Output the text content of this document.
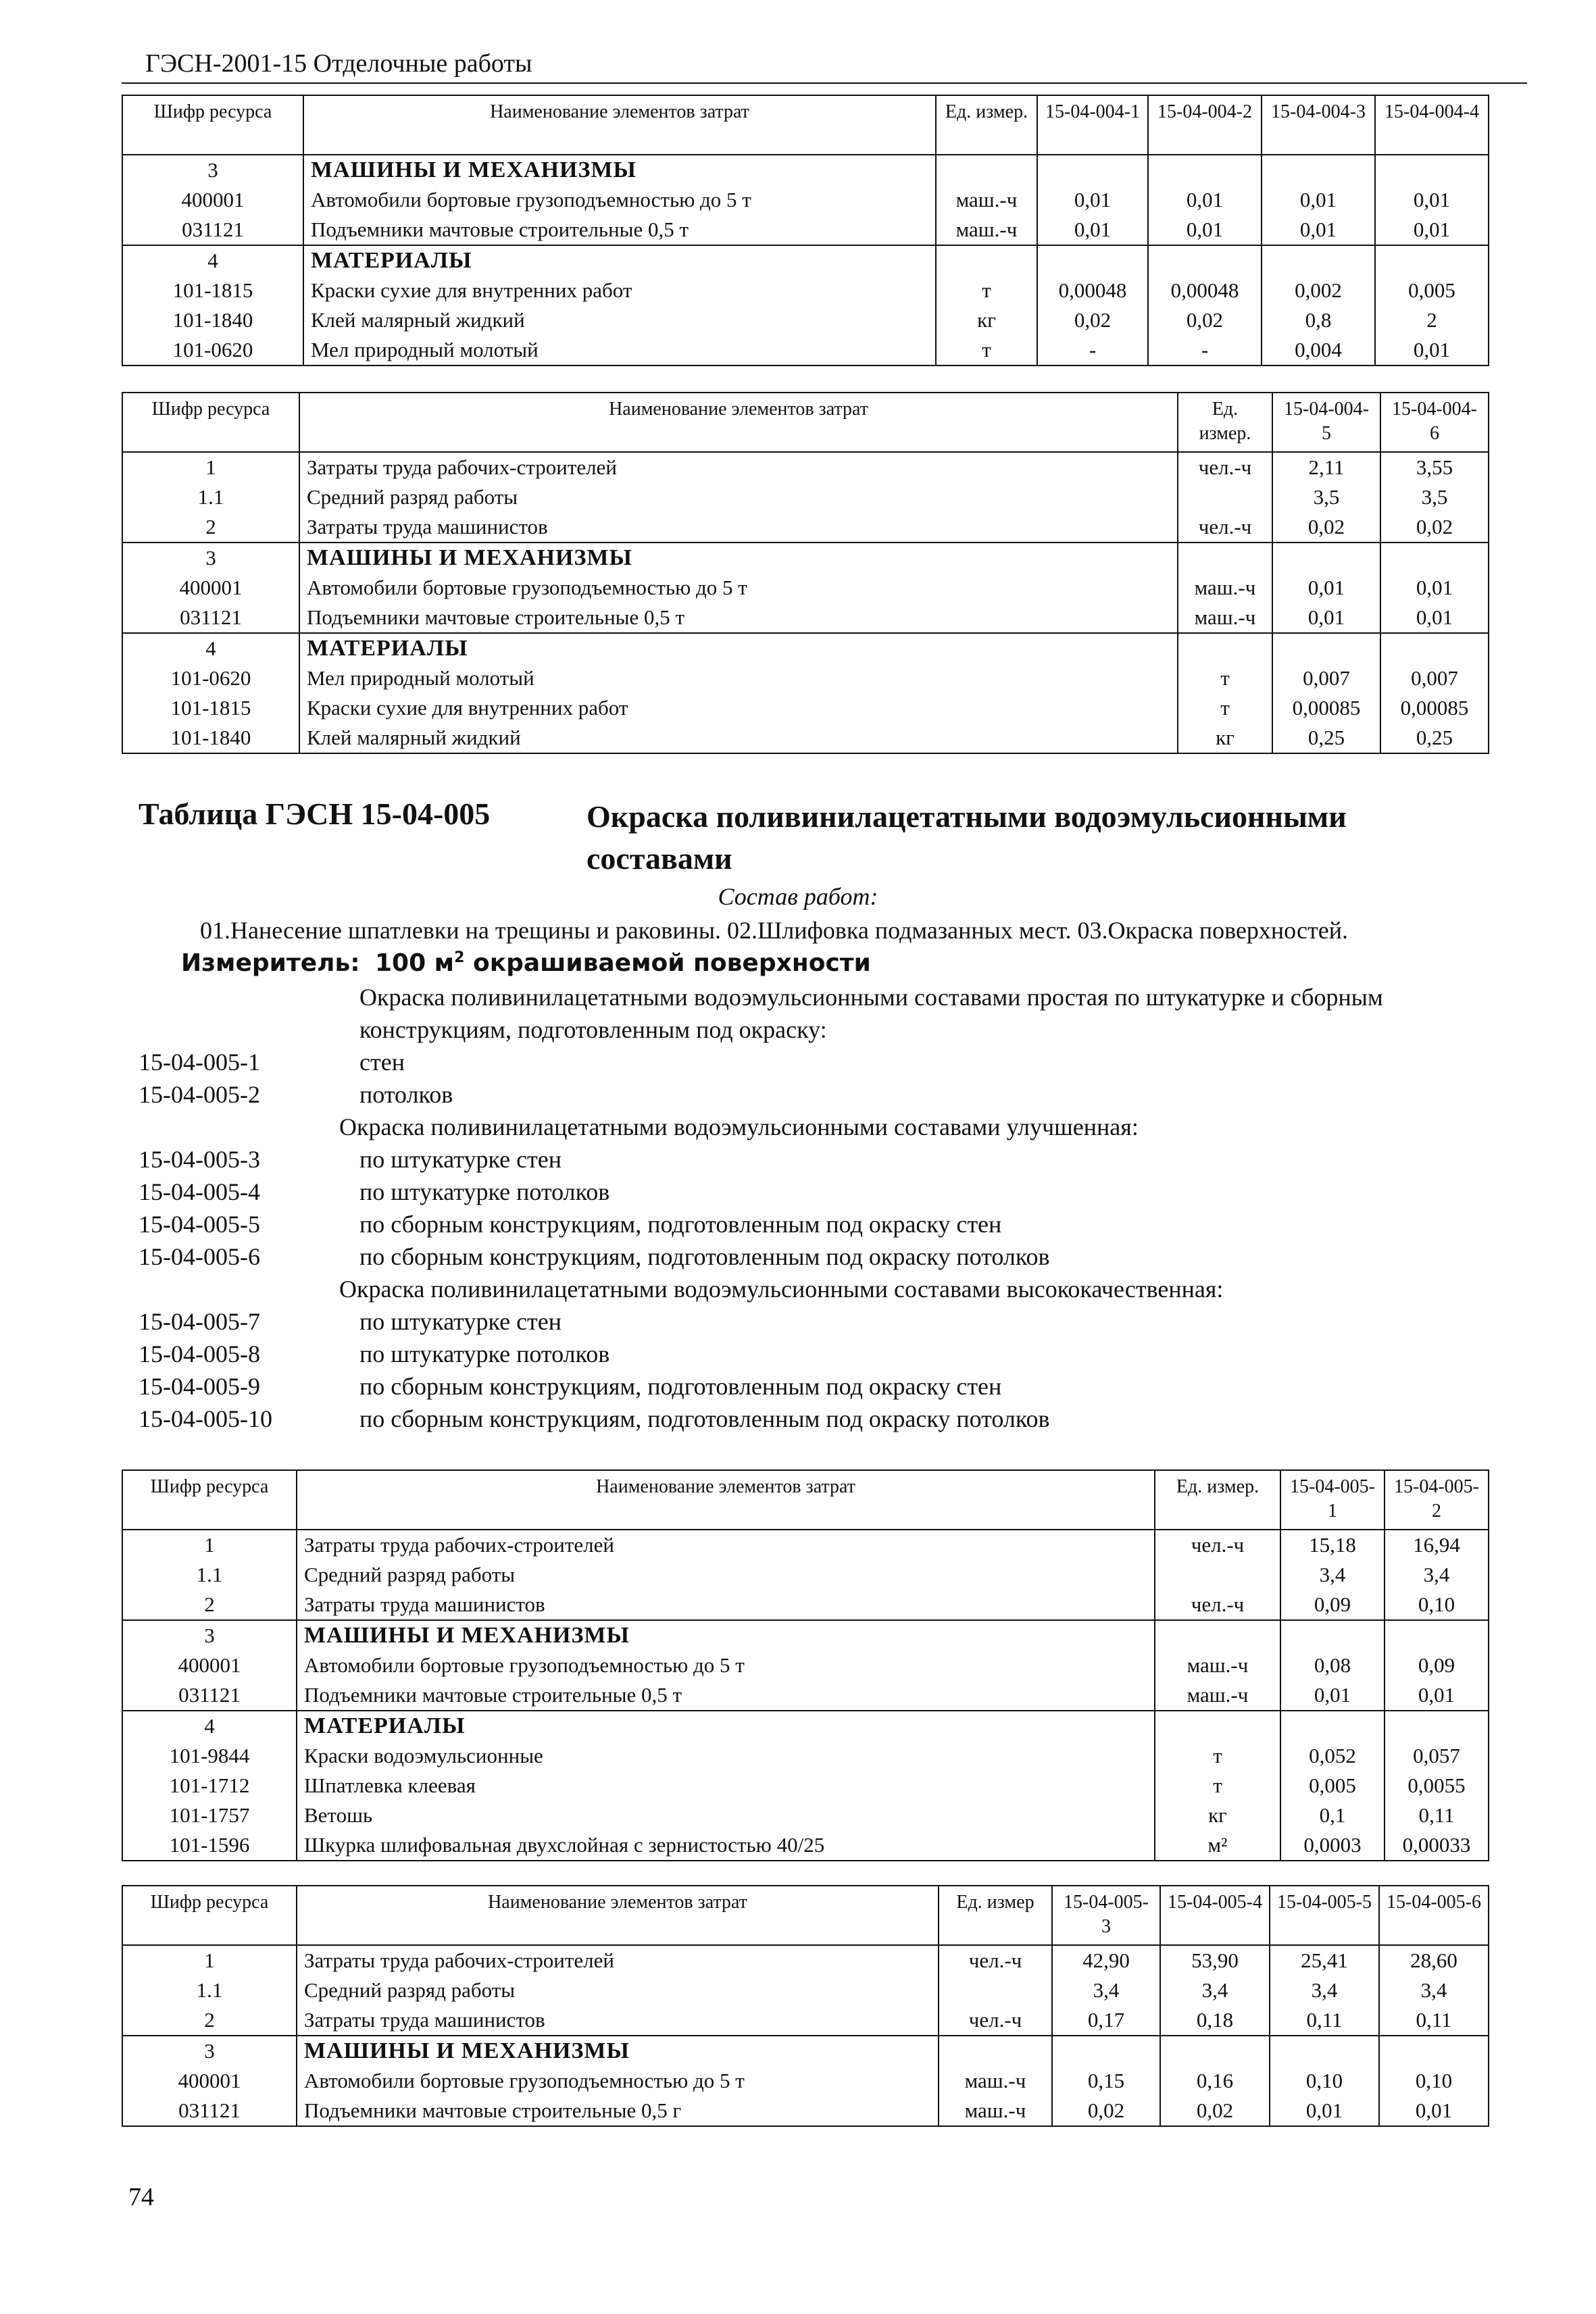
ГЭСН-2001-15 Отделочные работы
Шифр ресурса	Наименование элементов затрат	Ед. измер.	15-04-004-1	15-04-004-2	15-04-004-3	15-04-004-4
3	МАШИНЫ И МЕХАНИЗМЫ					
400001	Автомобили бортовые грузоподъемностью до 5 т	маш.-ч	0,01	0,01	0,01	0,01
031121	Подъемники мачтовые строительные 0,5 т	маш.-ч	0,01	0,01	0,01	0,01
4	МАТЕРИАЛЫ					
101-1815	Краски сухие для внутренних работ	т	0,00048	0,00048	0,002	0,005
101-1840	Клей малярный жидкий	кг	0,02	0,02	0,8	2
101-0620	Мел природный молотый	т	-	-	0,004	0,01
Шифр ресурса	Наименование элементов затрат	Ед. измер.	15-04-004-5	15-04-004-6
1	Затраты труда рабочих-строителей	чел.-ч	2,11	3,55
1.1	Средний разряд работы		3,5	3,5
2	Затраты труда машинистов	чел.-ч	0,02	0,02
3	МАШИНЫ И МЕХАНИЗМЫ			
400001	Автомобили бортовые грузоподъемностью до 5 т	маш.-ч	0,01	0,01
031121	Подъемники мачтовые строительные 0,5 т	маш.-ч	0,01	0,01
4	МАТЕРИАЛЫ			
101-0620	Мел природный молотый	т	0,007	0,007
101-1815	Краски сухие для внутренних работ	т	0,00085	0,00085
101-1840	Клей малярный жидкий	кг	0,25	0,25
Таблица ГЭСН 15-04-005	Окраска поливинилацетатными водоэмульсионными составами
Состав работ:
01.Нанесение шпатлевки на трещины и раковины. 02.Шлифовка подмазанных мест. 03.Окраска поверхностей.
Измеритель: 100 $м^2$ окрашиваемой поверхности
Окраска поливинилацетатными водоэмульсионными составами простая по штукатурке и сборным
конструкциям, подготовленным под окраску:
15-04-005-1	стен
15-04-005-2	потолков
Окраска поливинилацетатными водоэмульсионными составами улучшенная:
15-04-005-3	по штукатурке стен
15-04-005-4	по штукатурке потолков
15-04-005-5	по сборным конструкциям, подготовленным под окраску стен
15-04-005-6	по сборным конструкциям, подготовленным под окраску потолков
Окраска поливинилацетатными водоэмульсионными составами высококачественная:
15-04-005-7	по штукатурке стен
15-04-005-8	по штукатурке потолков
15-04-005-9	по сборным конструкциям, подготовленным под окраску стен
15-04-005-10	по сборным конструкциям, подготовленным под окраску потолков
Шифр ресурса	Наименование элементов затрат	Ед. измер.	15-04-005-1	15-04-005-2
1	Затраты труда рабочих-строителей	чел.-ч	15,18	16,94
1.1	Средний разряд работы		3,4	3,4
2	Затраты труда машинистов	чел.-ч	0,09	0,10
3	МАШИНЫ И МЕХАНИЗМЫ			
400001	Автомобили бортовые грузоподъемностью до 5 т	маш.-ч	0,08	0,09
031121	Подъемники мачтовые строительные 0,5 т	маш.-ч	0,01	0,01
4	МАТЕРИАЛЫ			
101-9844	Краски водоэмульсионные	т	0,052	0,057
101-1712	Шпатлевка клеевая	т	0,005	0,0055
101-1757	Ветошь	кг	0,1	0,11
101-1596	Шкурка шлифовальная двухслойная с зернистостью 40/25	м²	0,0003	0,00033
Шифр ресурса	Наименование элементов затрат	Ед. измер	15-04-005-3	15-04-005-4	15-04-005-5	15-04-005-6
1	Затраты труда рабочих-строителей	чел.-ч	42,90	53,90	25,41	28,60
1.1	Средний разряд работы		3,4	3,4	3,4	3,4
2	Затраты труда машинистов	чел.-ч	0,17	0,18	0,11	0,11
3	МАШИНЫ И МЕХАНИЗМЫ					
400001	Автомобили бортовые грузоподъемностью до 5 т	маш.-ч	0,15	0,16	0,10	0,10
031121	Подъемники мачтовые строительные 0,5 г	маш.-ч	0,02	0,02	0,01	0,01
74
